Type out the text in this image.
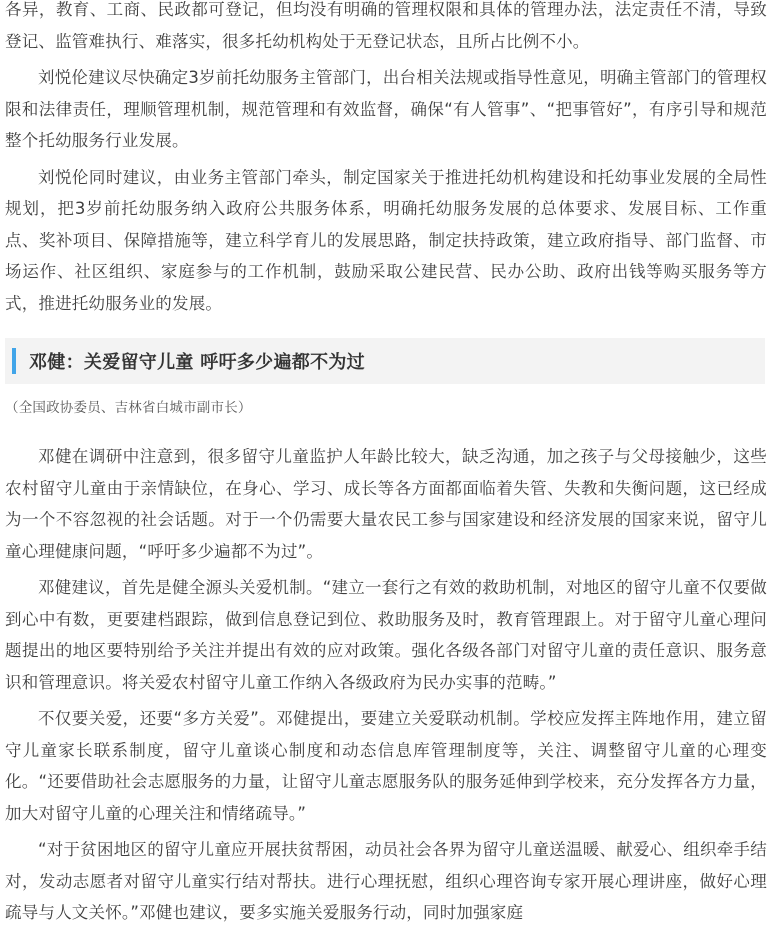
各异，教育、工商、民政都可登记，但均没有明确的管理权限和具体的管理办法，法定责任不清，导致登记、监管难执行、难落实，很多托幼机构处于无登记状态，且所占比例不小。

刘悦伦建议尽快确定3岁前托幼服务主管部门，出台相关法规或指导性意见，明确主管部门的管理权限和法律责任，理顺管理机制，规范管理和有效监督，确保“有人管事”、“把事管好”，有序引导和规范整个托幼服务行业发展。

刘悦伦同时建议，由业务主管部门牵头，制定国家关于推进托幼机构建设和托幼事业发展的全局性规划，把3岁前托幼服务纳入政府公共服务体系，明确托幼服务发展的总体要求、发展目标、工作重点、奖补项目、保障措施等，建立科学育儿的发展思路，制定扶持政策，建立政府指导、部门监督、市场运作、社区组织、家庭参与的工作机制，鼓励采取公建民营、民办公助、政府出钱等购买服务等方式，推进托幼服务业的发展。

邓健：关爱留守儿童 呼吁多少遍都不为过
（全国政协委员、吉林省白城市副市长）

邓健在调研中注意到，很多留守儿童监护人年龄比较大，缺乏沟通，加之孩子与父母接触少，这些农村留守儿童由于亲情缺位，在身心、学习、成长等各方面都面临着失管、失教和失衡问题，这已经成为一个不容忽视的社会话题。对于一个仍需要大量农民工参与国家建设和经济发展的国家来说，留守儿童心理健康问题，“呼吁多少遍都不为过”。

邓健建议，首先是健全源头关爱机制。“建立一套行之有效的救助机制，对地区的留守儿童不仅要做到心中有数，更要建档跟踪，做到信息登记到位、救助服务及时，教育管理跟上。对于留守儿童心理问题提出的地区要特别给予关注并提出有效的应对政策。强化各级各部门对留守儿童的责任意识、服务意识和管理意识。将关爱农村留守儿童工作纳入各级政府为民办实事的范畴。”

不仅要关爱，还要“多方关爱”。邓健提出，要建立关爱联动机制。学校应发挥主阵地作用，建立留守儿童家长联系制度，留守儿童谈心制度和动态信息库管理制度等，关注、调整留守儿童的心理变化。“还要借助社会志愿服务的力量，让留守儿童志愿服务队的服务延伸到学校来，充分发挥各方力量，加大对留守儿童的心理关注和情绪疏导。”

“对于贫困地区的留守儿童应开展扶贫帮困，动员社会各界为留守儿童送温暖、献爱心、组织牵手结对，发动志愿者对留守儿童实行结对帮扶。进行心理抚慰，组织心理咨询专家开展心理讲座，做好心理疏导与人文关怀。”邓健也建议，要多实施关爱服务行动，同时加强家庭
